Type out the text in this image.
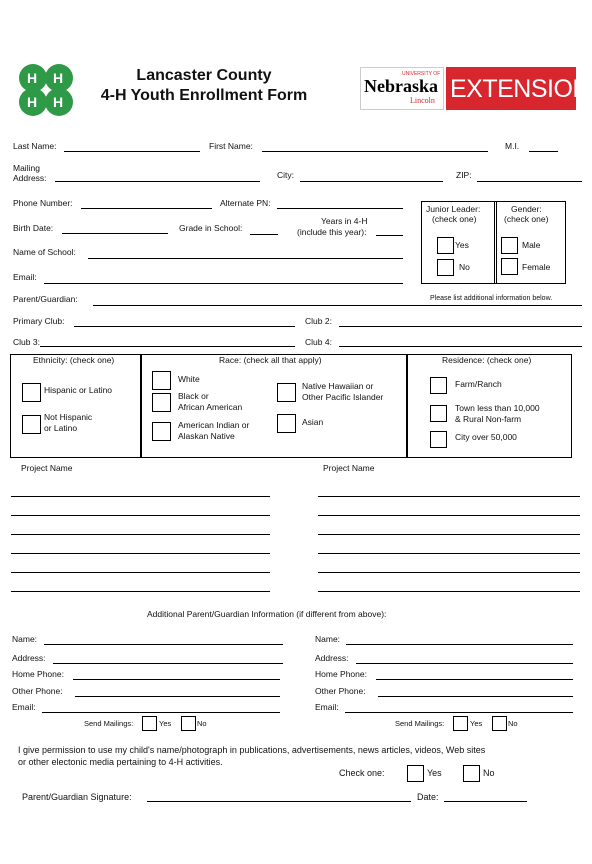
H H
H H
Lancaster County
4-H Youth Enrollment Form
UNIVERSITY OF
Nebraska
Lincoln EXTENSION
Last Name:	First Name:	M.I.
Mailing
Address:	City:	ZIP:
Phone Number:	Alternate PN:
Birth Date:	Grade in School:
Years in 4-H
(include this year):
Name of School:
Email:
Junior Leader:
(check one)
Yes
No
Gender:
(check one)
Male
Female
Parent/Guardian:	Please list additional information below.
Primary Club:	Club 2:
Club 3:	Club 4:
Ethnicity: (check one)
Hispanic or Latino
Not Hispanic
or Latino
Race: (check all that apply)
White
Black or
African American
American Indian or
Alaskan Native
Native Hawaiian or
Other Pacific Islander
Asian
Residence: (check one)
Farm/Ranch
Town less than 10,000
& Rural Non-farm
City over 50,000
Project Name	Project Name
Additional Parent/Guardian Information (if different from above):
Name:
Address:
Home Phone:
Other Phone:
Email:
Send Mailings:	Yes	No
Name:
Address:
Home Phone:
Other Phone:
Email:
Send Mailings:	Yes	No
I give permission to use my child's name/photograph in publications, advertisements, news articles, videos, Web sites
or other electonic media pertaining to 4-H activities.
Check one:	Yes	No
Parent/Guardian Signature:	Date:
